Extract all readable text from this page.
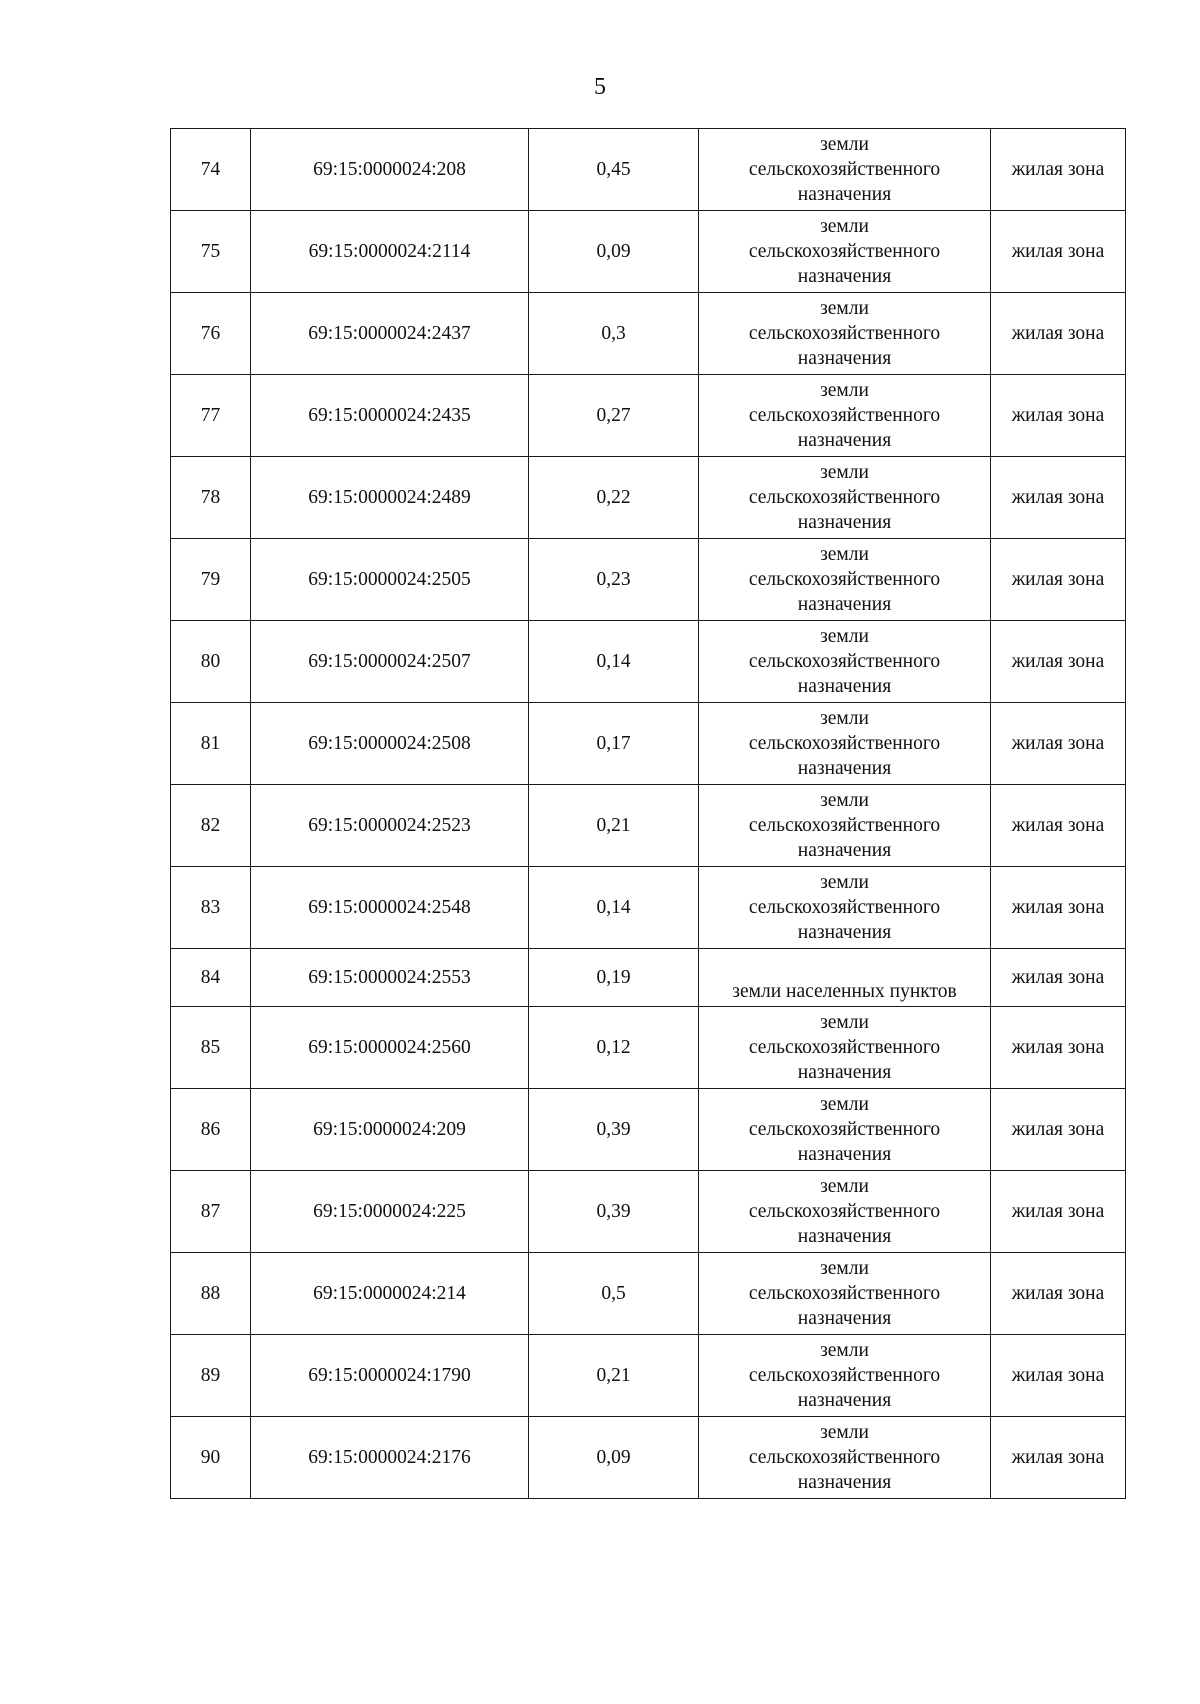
5
74	69:15:0000024:208	0,45	земли
сельскохозяйственного
назначения	жилая зона
75	69:15:0000024:2114	0,09	земли
сельскохозяйственного
назначения	жилая зона
76	69:15:0000024:2437	0,3	земли
сельскохозяйственного
назначения	жилая зона
77	69:15:0000024:2435	0,27	земли
сельскохозяйственного
назначения	жилая зона
78	69:15:0000024:2489	0,22	земли
сельскохозяйственного
назначения	жилая зона
79	69:15:0000024:2505	0,23	земли
сельскохозяйственного
назначения	жилая зона
80	69:15:0000024:2507	0,14	земли
сельскохозяйственного
назначения	жилая зона
81	69:15:0000024:2508	0,17	земли
сельскохозяйственного
назначения	жилая зона
82	69:15:0000024:2523	0,21	земли
сельскохозяйственного
назначения	жилая зона
83	69:15:0000024:2548	0,14	земли
сельскохозяйственного
назначения	жилая зона
84	69:15:0000024:2553	0,19	земли населенных пунктов	жилая зона
85	69:15:0000024:2560	0,12	земли
сельскохозяйственного
назначения	жилая зона
86	69:15:0000024:209	0,39	земли
сельскохозяйственного
назначения	жилая зона
87	69:15:0000024:225	0,39	земли
сельскохозяйственного
назначения	жилая зона
88	69:15:0000024:214	0,5	земли
сельскохозяйственного
назначения	жилая зона
89	69:15:0000024:1790	0,21	земли
сельскохозяйственного
назначения	жилая зона
90	69:15:0000024:2176	0,09	земли
сельскохозяйственного
назначения	жилая зона
